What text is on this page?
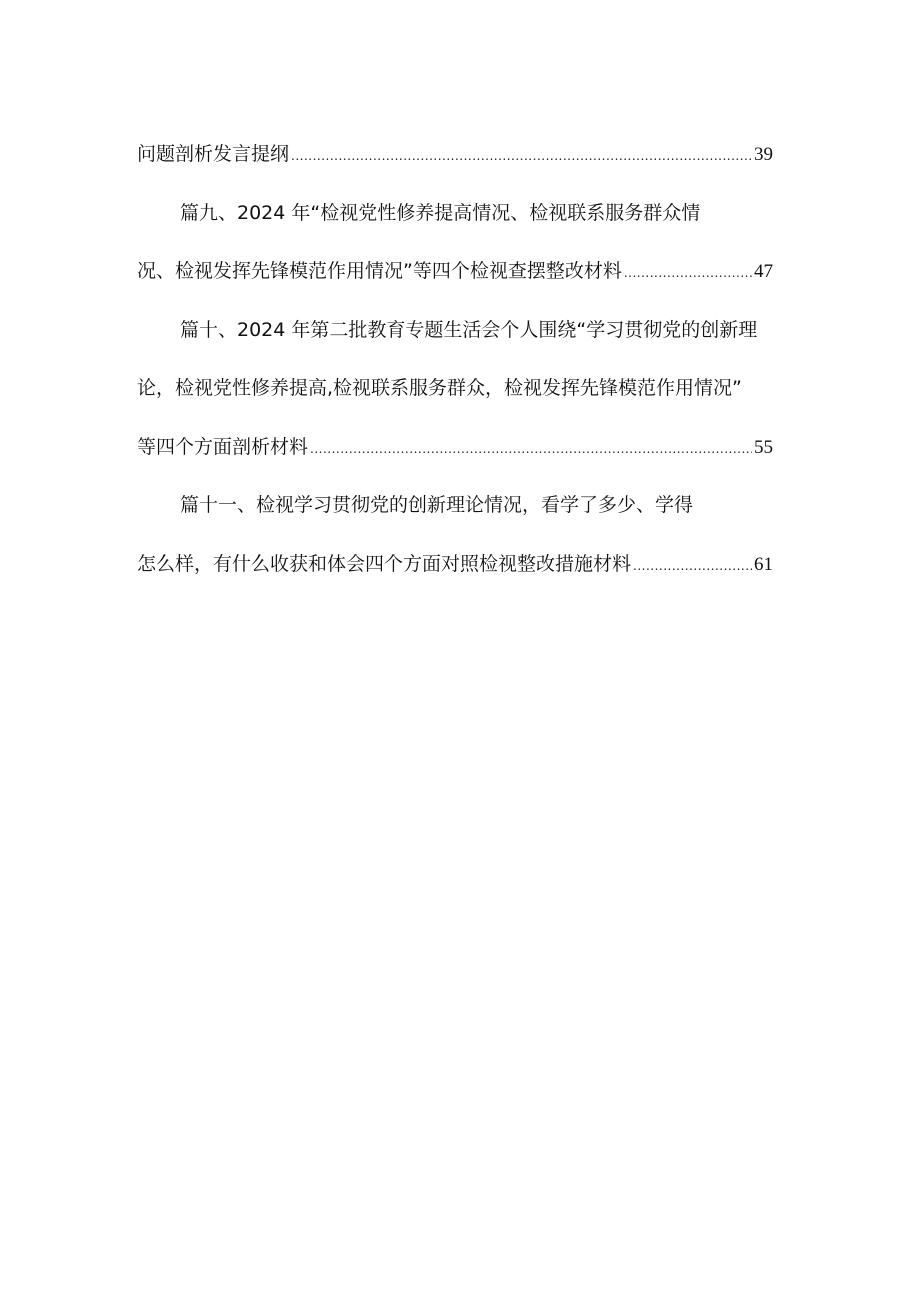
问题剖析发言提纲 .....	39
篇九、2024 年“检视党性修养提高情况、检视联系服务群众情
况、检视发挥先锋模范作用情况”等四个检视查摆整改材料 .....	47
篇十、2024 年第二批教育专题生活会个人围绕“学习贯彻党的创新理
论，检视党性修养提高,检视联系服务群众，检视发挥先锋模范作用情况”
等四个方面剖析材料 .....	55
篇十一、检视学习贯彻党的创新理论情况，看学了多少、学得
怎么样，有什么收获和体会四个方面对照检视整改措施材料 .....	61
